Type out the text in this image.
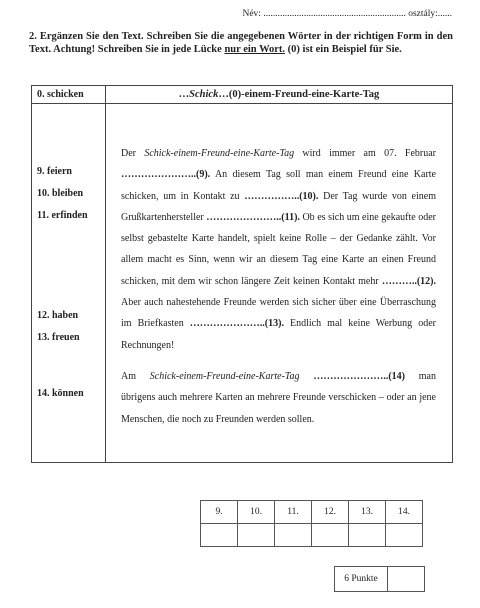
Név: ............................................................ osztály:......
2. Ergänzen Sie den Text. Schreiben Sie die angegebenen Wörter in der richtigen Form in den Text. Achtung! Schreiben Sie in jede Lücke nur ein Wort. (0) ist ein Beispiel für Sie.
0. schicken	…Schick…(0)-einem-Freund-eine-Karte-Tag
9. feiern
10. bleiben
11. erfinden
12. haben
13. freuen
14. können
Der Schick-einem-Freund-eine-Karte-Tag wird immer am 07. Februar …………………..(9). An diesem Tag soll man einem Freund eine Karte schicken, um in Kontakt zu ……………..(10). Der Tag wurde von einem Grußkartenhersteller …………………..(11). Ob es sich um eine gekaufte oder selbst gebastelte Karte handelt, spielt keine Rolle – der Gedanke zählt. Vor allem macht es Sinn, wenn wir an diesem Tag eine Karte an einen Freund schicken, mit dem wir schon längere Zeit keinen Kontakt mehr ………..(12). Aber auch nahestehende Freunde werden sich sicher über eine Überraschung im Briefkasten …………………..(13). Endlich mal keine Werbung oder Rechnungen!
Am Schick-einem-Freund-eine-Karte-Tag …………………..(14) man übrigens auch mehrere Karten an mehrere Freunde verschicken – oder an jene Menschen, die noch zu Freunden werden sollen.
9.	10.	11.	12.	13.	14.

6 Punkte	
